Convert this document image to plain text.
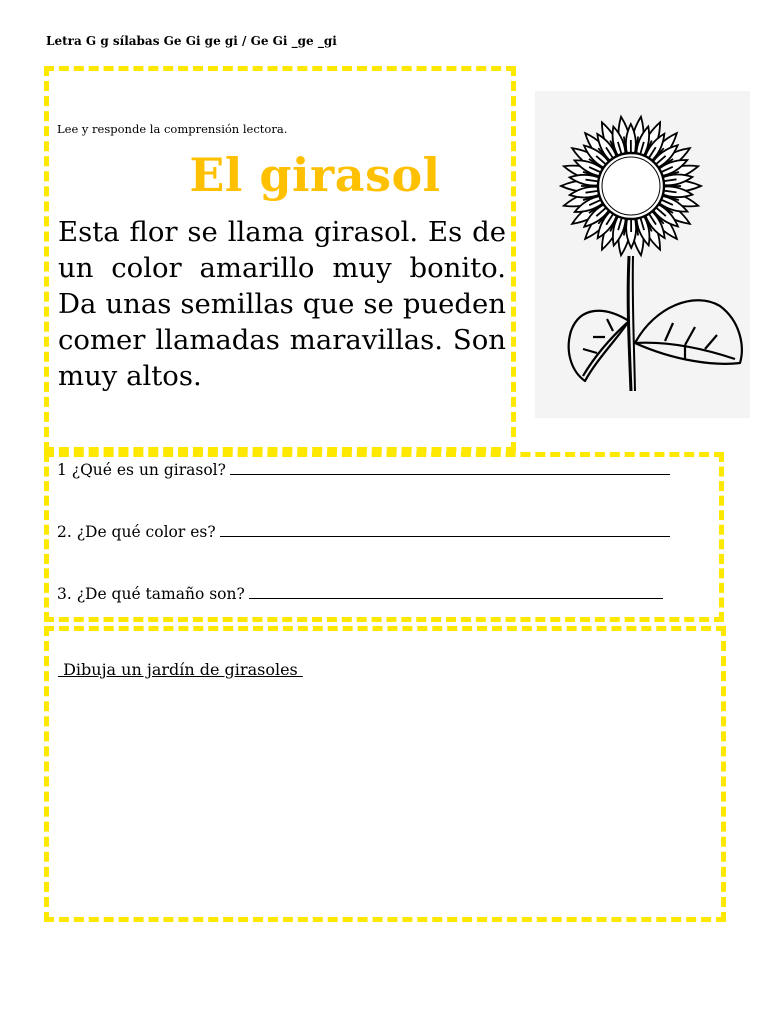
Letra G g sílabas Ge Gi ge gi / Ge Gi _ge _gi
Lee y responde la comprensión lectora.
El girasol
Esta flor se llama girasol. Es de un color amarillo muy bonito. Da unas semillas que se pueden comer llamadas maravillas. Son muy altos.
1 ¿Qué es un girasol?
2. ¿De qué color es?
3. ¿De qué tamaño son?
Dibuja un jardín de girasoles
